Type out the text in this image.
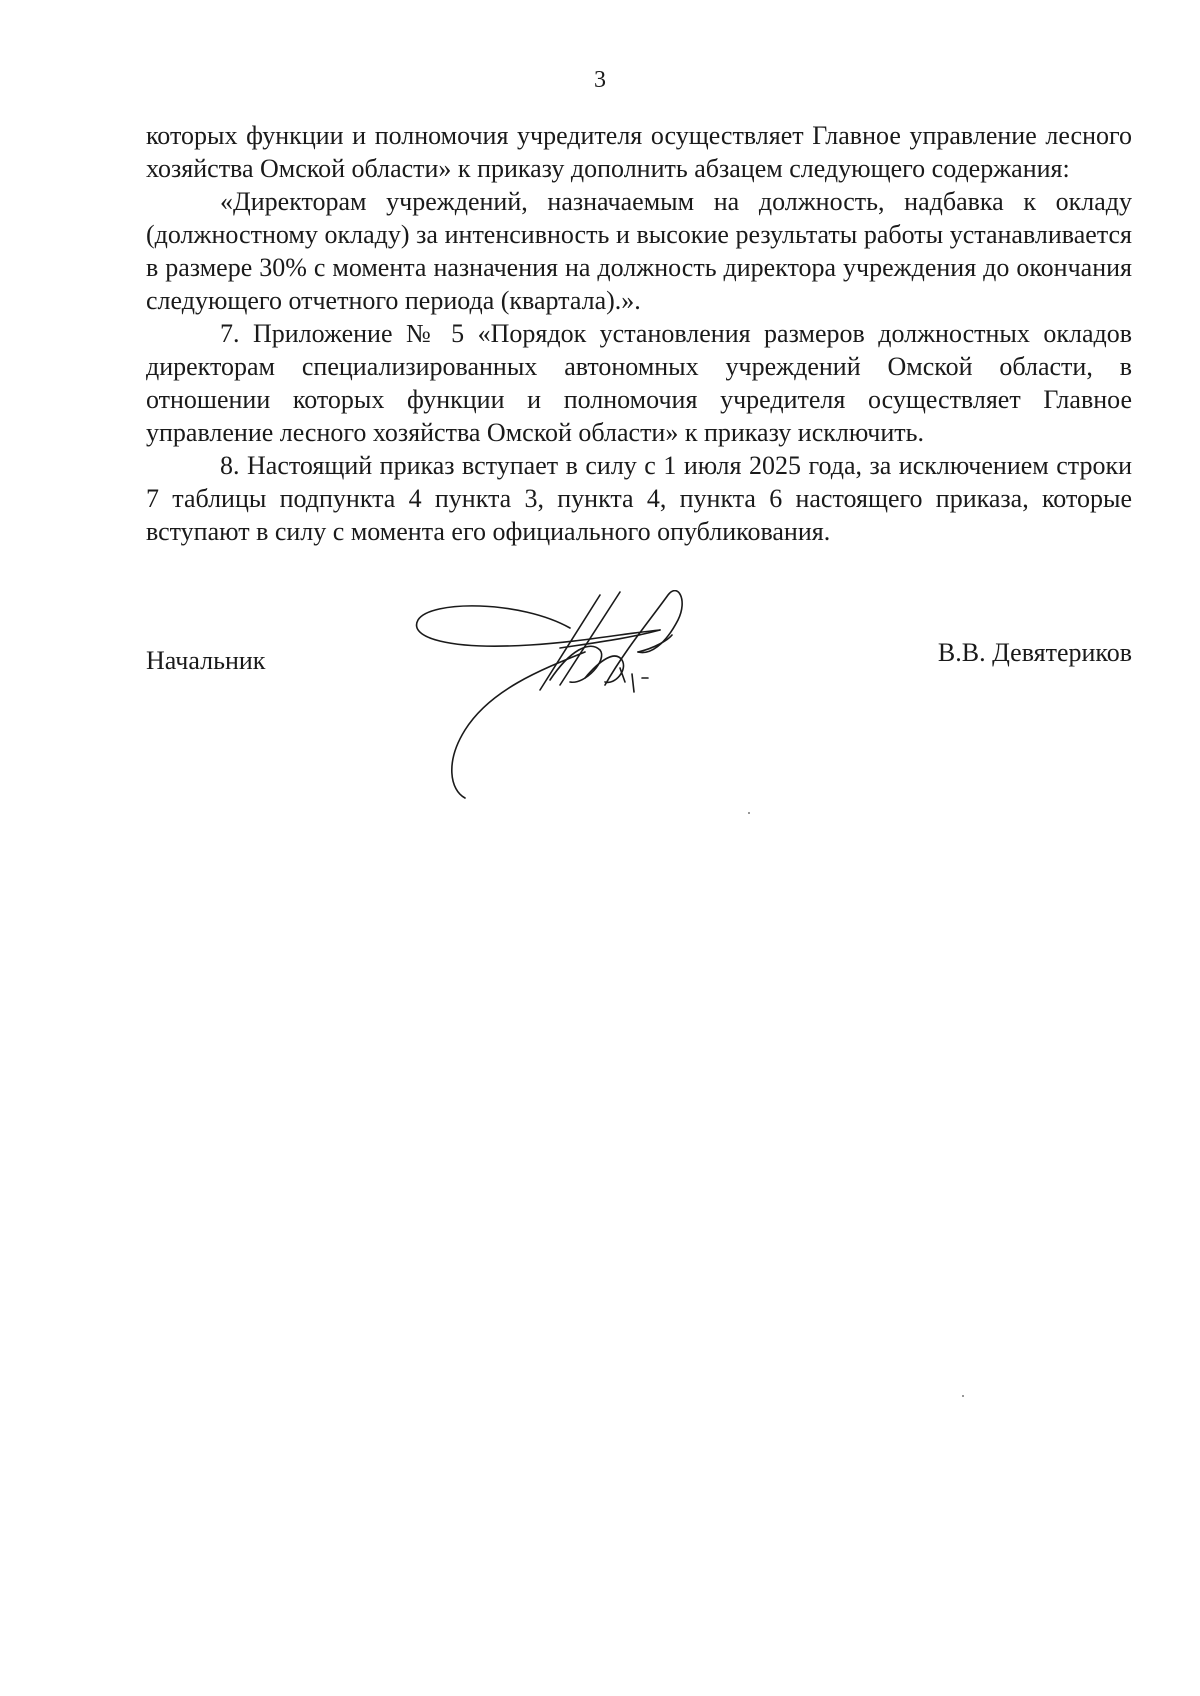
3

которых функции и полномочия учредителя осуществляет Главное управление лесного хозяйства Омской области» к приказу дополнить абзацем следующего содержания:

«Директорам учреждений, назначаемым на должность, надбавка к окладу (должностному окладу) за интенсивность и высокие результаты работы устанавливается в размере 30% с момента назначения на должность директора учреждения до окончания следующего отчетного периода (квартала).».

7. Приложение № 5 «Порядок установления размеров должностных окладов директорам специализированных автономных учреждений Омской области, в отношении которых функции и полномочия учредителя осуществляет Главное управление лесного хозяйства Омской области» к приказу исключить.

8. Настоящий приказ вступает в силу с 1 июля 2025 года, за исключением строки 7 таблицы подпункта 4 пункта 3, пункта 4, пункта 6 настоящего приказа, которые вступают в силу с момента его официального опубликования.

Начальник	В.В. Девятериков
